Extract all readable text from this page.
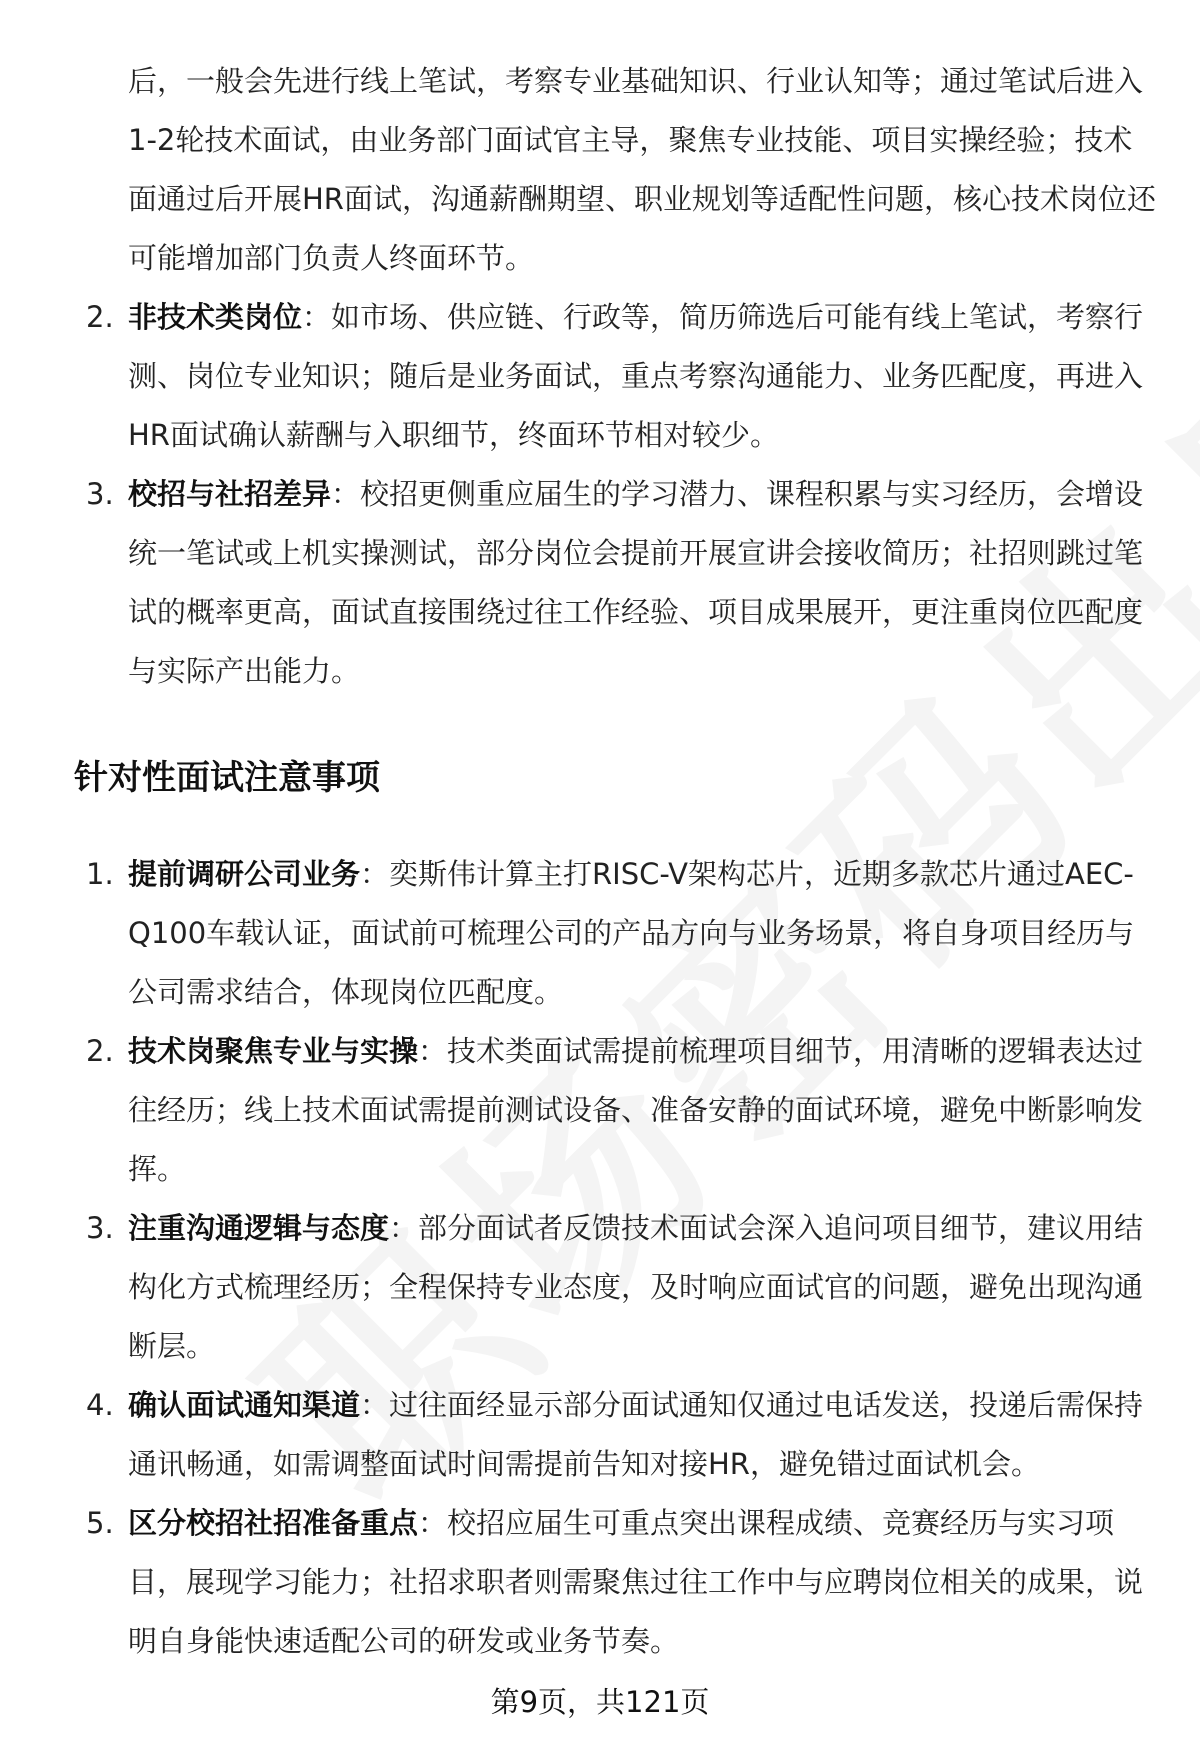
后，一般会先进行线上笔试，考察专业基础知识、行业认知等；通过笔试后进入1-2轮技术面试，由业务部门面试官主导，聚焦专业技能、项目实操经验；技术面通过后开展HR面试，沟通薪酬期望、职业规划等适配性问题，核心技术岗位还可能增加部门负责人终面环节。
2. 非技术类岗位：如市场、供应链、行政等，简历筛选后可能有线上笔试，考察行测、岗位专业知识；随后是业务面试，重点考察沟通能力、业务匹配度，再进入HR面试确认薪酬与入职细节，终面环节相对较少。
3. 校招与社招差异：校招更侧重应届生的学习潜力、课程积累与实习经历，会增设统一笔试或上机实操测试，部分岗位会提前开展宣讲会接收简历；社招则跳过笔试的概率更高，面试直接围绕过往工作经验、项目成果展开，更注重岗位匹配度与实际产出能力。
针对性面试注意事项
1. 提前调研公司业务：奕斯伟计算主打RISC-V架构芯片，近期多款芯片通过AEC-Q100车载认证，面试前可梳理公司的产品方向与业务场景，将自身项目经历与公司需求结合，体现岗位匹配度。
2. 技术岗聚焦专业与实操：技术类面试需提前梳理项目细节，用清晰的逻辑表达过往经历；线上技术面试需提前测试设备、准备安静的面试环境，避免中断影响发挥。
3. 注重沟通逻辑与态度：部分面试者反馈技术面试会深入追问项目细节，建议用结构化方式梳理经历；全程保持专业态度，及时响应面试官的问题，避免出现沟通断层。
4. 确认面试通知渠道：过往面经显示部分面试通知仅通过电话发送，投递后需保持通讯畅通，如需调整面试时间需提前告知对接HR，避免错过面试机会。
5. 区分校招社招准备重点：校招应届生可重点突出课程成绩、竞赛经历与实习项目，展现学习能力；社招求职者则需聚焦过往工作中与应聘岗位相关的成果，说明自身能快速适配公司的研发或业务节奏。
第9页，共121页
